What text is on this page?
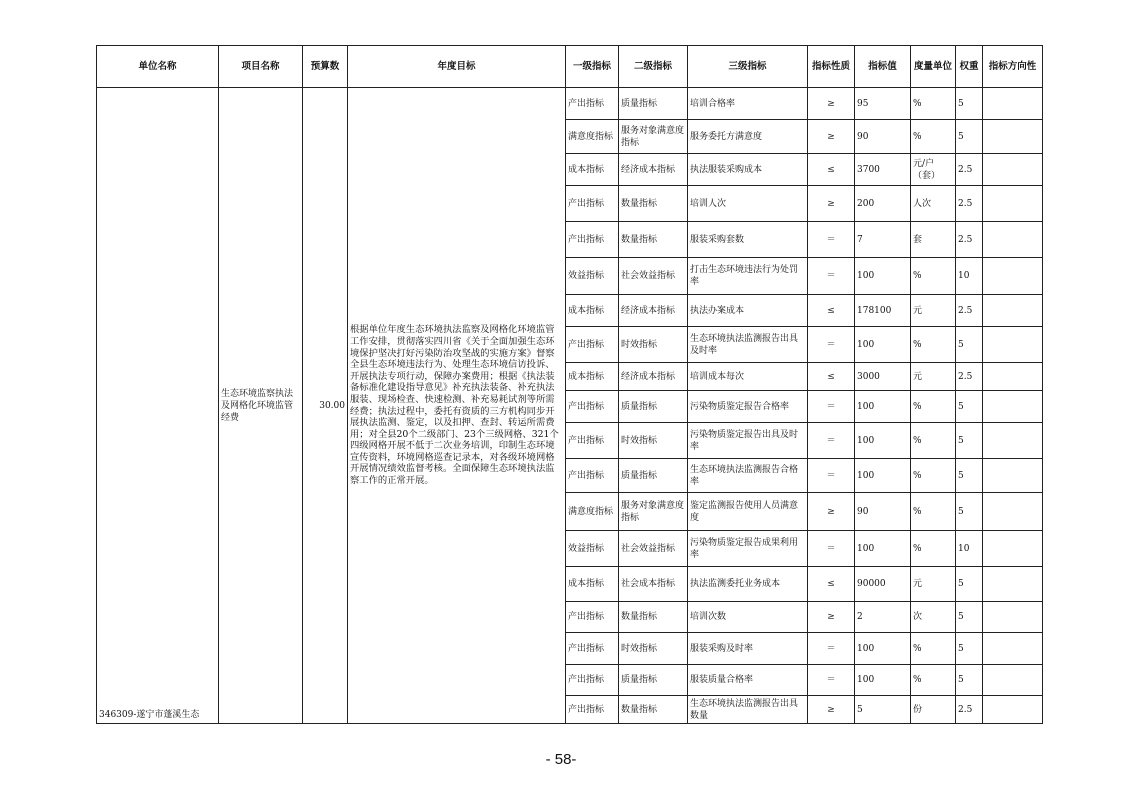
单位名称	项目名称	预算数	年度目标	一级指标	二级指标	三级指标	指标性质	指标值	度量单位	权重	指标方向性
346309-遂宁市蓬溪生态	生态环境监察执法及网格化环境监管经费	30.00	根据单位年度生态环境执法监察及网格化环境监管工作安排，贯彻落实四川省《关于全面加强生态环境保护坚决打好污染防治攻坚战的实施方案》督察全县生态环境违法行为、处理生态环境信访投诉、开展执法专项行动，保障办案费用；根据《执法装备标准化建设指导意见》补充执法装备、补充执法服装、现场检查、快速检测、补充易耗试剂等所需经费；执法过程中，委托有资质的三方机构同步开展执法监测、鉴定，以及扣押、查封、转运所需费用；对全县20个二级部门、23个三级网格、321个四级网格开展不低于二次业务培训，印制生态环境宣传资料，环境网格巡查记录本，对各级环境网格开展情况绩效监督考核。全面保障生态环境执法监察工作的正常开展。	产出指标	质量指标	培训合格率	≥	95	%	5	
				满意度指标	服务对象满意度指标	服务委托方满意度	≥	90	%	5	
				成本指标	经济成本指标	执法服装采购成本	≤	3700	元/户（套）	2.5	
				产出指标	数量指标	培训人次	≥	200	人次	2.5	
				产出指标	数量指标	服装采购套数	＝	7	套	2.5	
				效益指标	社会效益指标	打击生态环境违法行为处罚率	＝	100	%	10	
				成本指标	经济成本指标	执法办案成本	≤	178100	元	2.5	
				产出指标	时效指标	生态环境执法监测报告出具及时率	＝	100	%	5	
				成本指标	经济成本指标	培训成本每次	≤	3000	元	2.5	
				产出指标	质量指标	污染物质鉴定报告合格率	＝	100	%	5	
				产出指标	时效指标	污染物质鉴定报告出具及时率	＝	100	%	5	
				产出指标	质量指标	生态环境执法监测报告合格率	＝	100	%	5	
				满意度指标	服务对象满意度指标	鉴定监测报告使用人员满意度	≥	90	%	5	
				效益指标	社会效益指标	污染物质鉴定报告成果利用率	＝	100	%	10	
				成本指标	社会成本指标	执法监测委托业务成本	≤	90000	元	5	
				产出指标	数量指标	培训次数	≥	2	次	5	
				产出指标	时效指标	服装采购及时率	＝	100	%	5	
				产出指标	质量指标	服装质量合格率	＝	100	%	5	
				产出指标	数量指标	生态环境执法监测报告出具数量	≥	5	份	2.5	
- 58-
